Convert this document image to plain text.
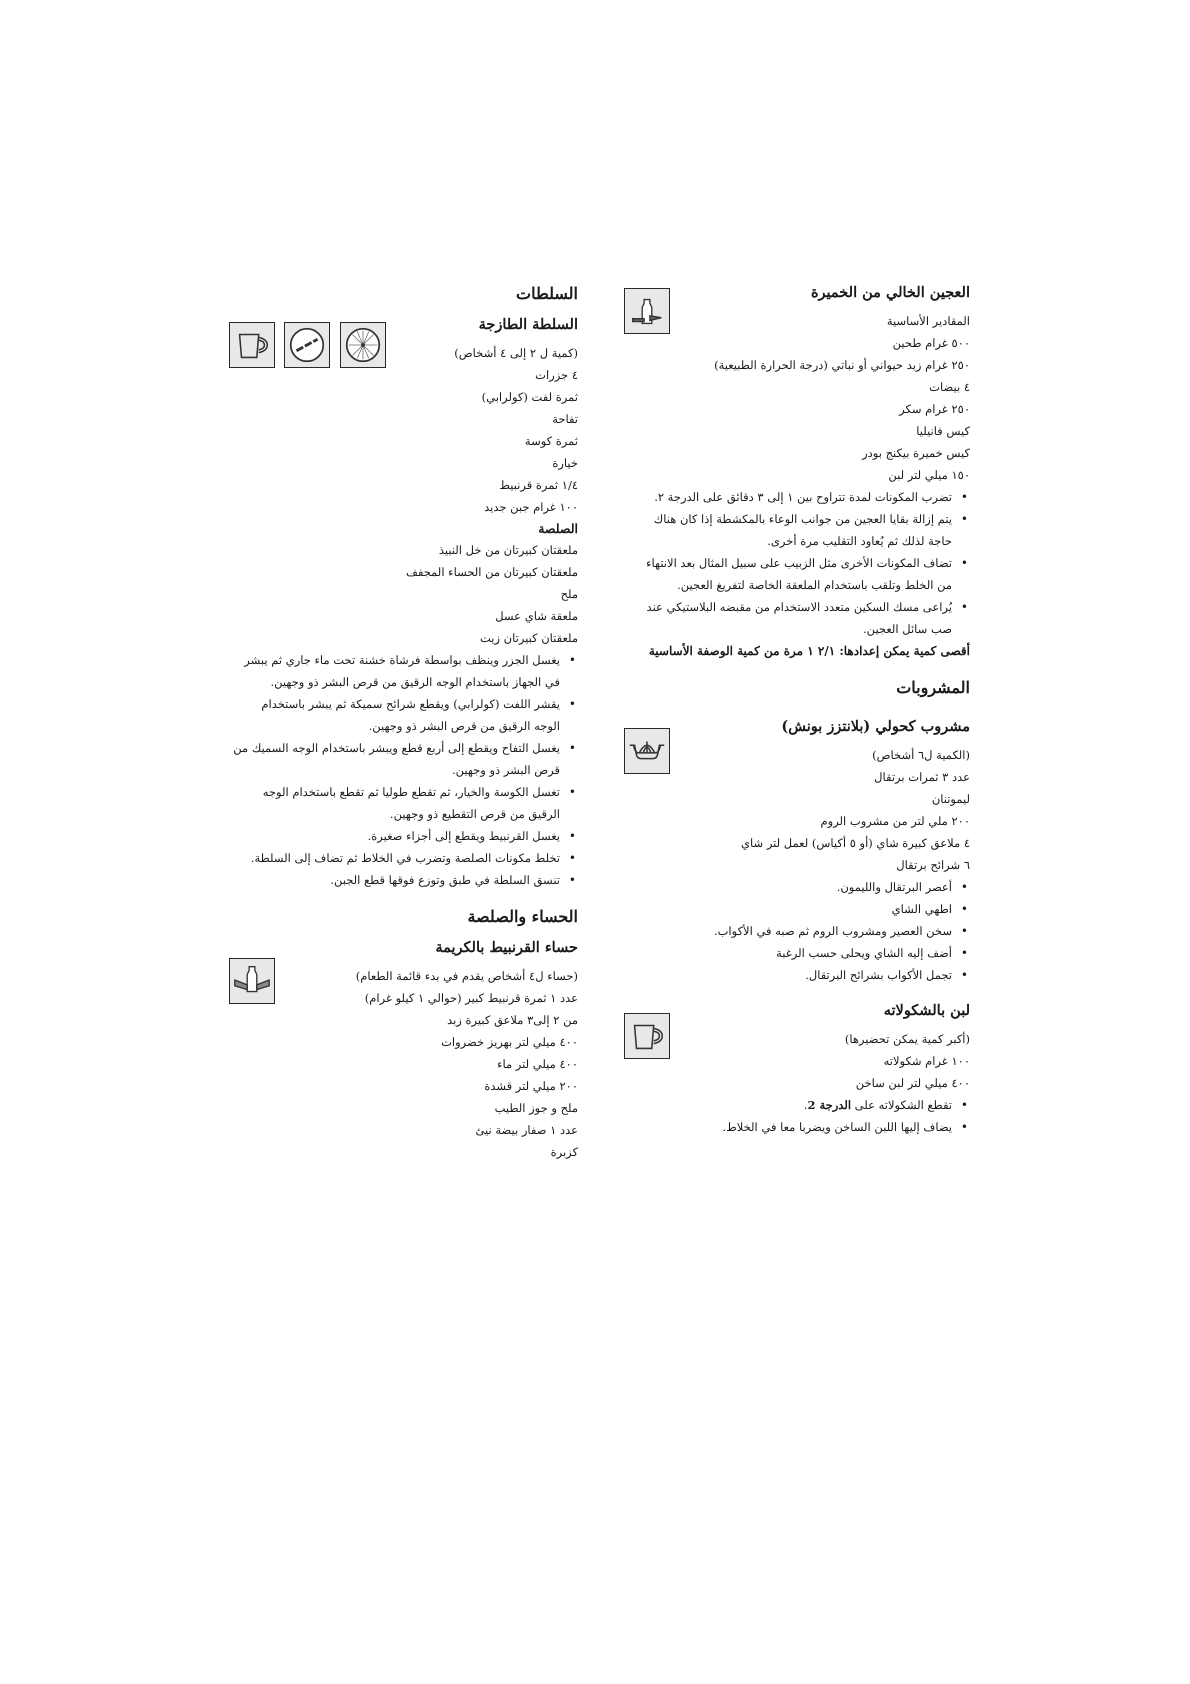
العجين الخالي من الخميرة
المقادير الأساسية
٥٠٠ غرام طحين
٢٥٠ غرام زبد حيواني أو نباتي (درجة الحرارة الطبيعية)
٤ بيضات
٢٥٠ غرام سكر
كيس فانيليا
كيس خميرة بيكنج بودر
١٥٠ ميلي لتر لبن
• تضرب المكونات لمدة تتراوح بين ١ إلى ٣ دقائق على الدرجة ٢.
• يتم إزالة بقايا العجين من جوانب الوعاء بالمكشطة إذا كان هناك حاجة لذلك ثم يُعاود التقليب مرة أخرى.
• تضاف المكونات الأخرى مثل الزبيب على سبيل المثال بعد الانتهاء من الخلط وتلقب باستخدام الملعقة الخاصة لتفريغ العجين.
• يُراعى مسك السكين متعدد الاستخدام من مقبضه البلاستيكي عند صب سائل العجين.
أقصى كمية يمكن إعدادها: ٢/١ ١ مرة من كمية الوصفة الأساسية
المشروبات
مشروب كحولي (بلانتزز بونش)
(الكمية ل٦ أشخاص)
عدد ٣ ثمرات برتقال
ليموتنان
٢٠٠ ملي لتر من مشروب الروم
٤ ملاعق كبيرة شاي (أو ٥ أكياس) لعمل لتر شاي
٦ شرائح برتقال
• أعصر البرتقال والليمون.
• اطهي الشاي
• سخن العصير ومشروب الروم ثم صبه في الأكواب.
• أضف إليه الشاي ويحلى حسب الرغبة
• تجمل الأكواب بشرائح البرتقال.
لبن بالشكولاته
(أكبر كمية يمكن تحضيرها)
١٠٠ غرام شكولاته
٤٠٠ ميلي لتر لبن ساخن
• تقطع الشكولاته على الدرجة 2.
• يضاف إليها اللبن الساخن ويضربا معا في الخلاط.
السلطات
السلطة الطازجة
(كمية ل ٢ إلى ٤ أشخاص)
٤ جزرات
ثمرة لفت (كولرابي)
تفاحة
ثمرة كوسة
خيارة
١/٤ ثمرة قرنبيط
١٠٠ غرام جبن جديد
الصلصة
ملعقتان كبيرتان من خل النبيذ
ملعقتان كبيرتان من الحساء المجفف
ملح
ملعقة شاي عسل
ملعقتان كبيرتان زيت
• يغسل الجزر وينظف بواسطة فرشاة خشنة تحت ماء جاري ثم يبشر في الجهاز باستخدام الوجه الرقيق من قرص البشر ذو وجهين.
• يقشر اللفت (كولرابي) ويقطع شرائح سميكة ثم يبشر باستخدام الوجه الرقيق من قرص البشر ذو وجهين.
• يغسل التفاح ويقطع إلى أربع قطع ويبشر باستخدام الوجه السميك من قرص البشر ذو وجهين.
• تغسل الكوسة والخيار، ثم تقطع طوليا ثم تقطع باستخدام الوجه الرقيق من قرص التقطيع ذو وجهين.
• يغسل القرنبيط ويقطع إلى أجزاء صغيرة.
• تخلط مكونات الصلصة وتضرب في الخلاط ثم تضاف إلى السلطة.
• تنسق السلطة في طبق وتوزع فوقها قطع الجبن.
الحساء والصلصة
حساء القرنبيط بالكريمة
(حساء ل٤ أشخاص يقدم في بدء قائمة الطعام)
عدد ١ ثمرة قرنبيط كبير (حوالي ١ كيلو غرام)
من ٢ إلى٣ ملاعق كبيرة زبد
٤٠٠ ميلي لتر بهريز خضروات
٤٠٠ ميلي لتر ماء
٢٠٠ ميلي لتر قشدة
ملح و جوز الطيب
عدد ١ صفار بيضة نيئ
كزبرة
